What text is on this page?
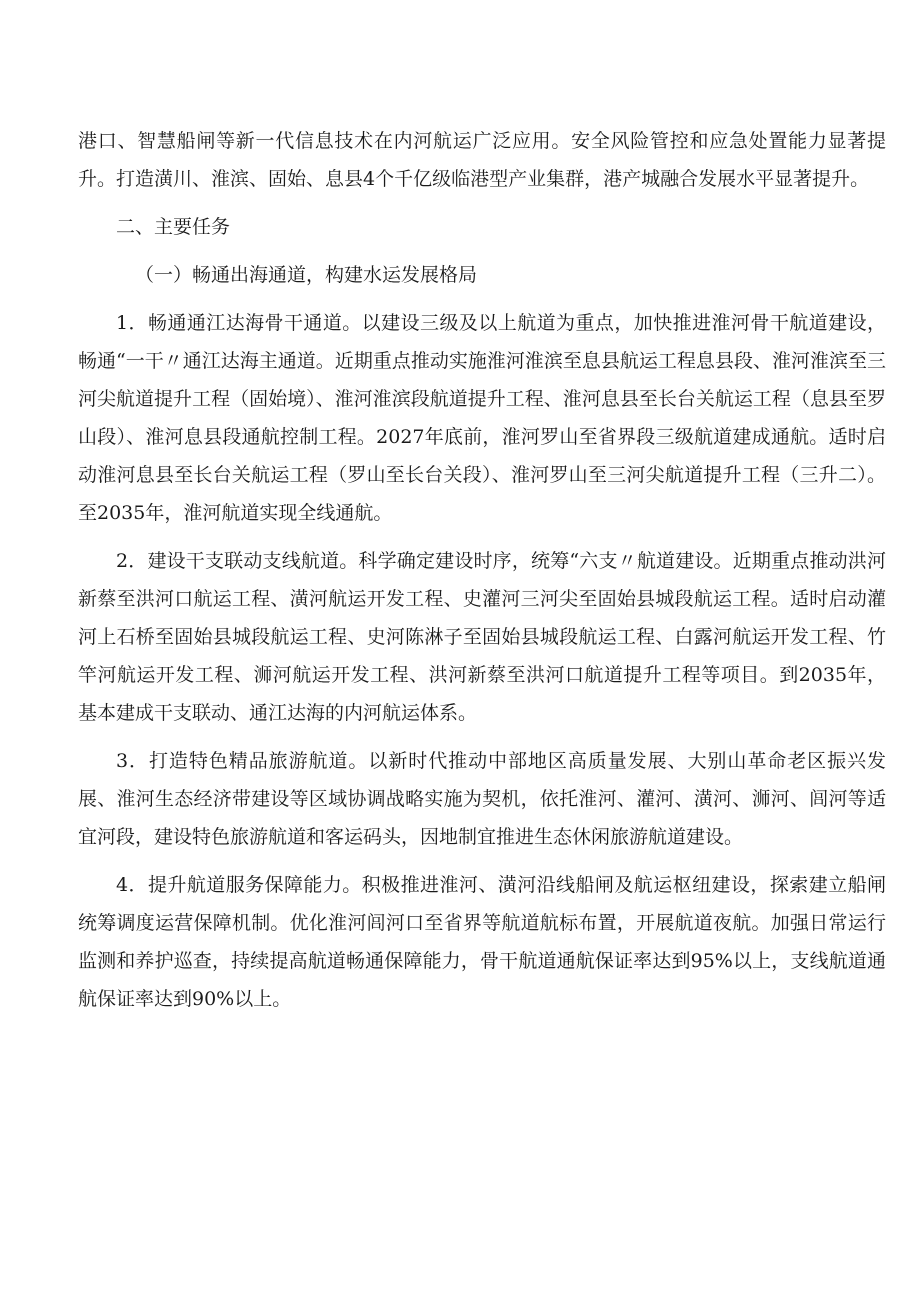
港口、智慧船闸等新一代信息技术在内河航运广泛应用。安全风险管控和应急处置能力显著提升。打造潢川、淮滨、固始、息县4个千亿级临港型产业集群，港产城融合发展水平显著提升。

二、主要任务

（一）畅通出海通道，构建水运发展格局

1．畅通通江达海骨干通道。以建设三级及以上航道为重点，加快推进淮河骨干航道建设，畅通“一干〃通江达海主通道。近期重点推动实施淮河淮滨至息县航运工程息县段、淮河淮滨至三河尖航道提升工程（固始境）、淮河淮滨段航道提升工程、淮河息县至长台关航运工程（息县至罗山段）、淮河息县段通航控制工程。2027年底前，淮河罗山至省界段三级航道建成通航。适时启动淮河息县至长台关航运工程（罗山至长台关段）、淮河罗山至三河尖航道提升工程（三升二）。至2035年，淮河航道实现全线通航。

2．建设干支联动支线航道。科学确定建设时序，统筹“六支〃航道建设。近期重点推动洪河新蔡至洪河口航运工程、潢河航运开发工程、史灌河三河尖至固始县城段航运工程。适时启动灌河上石桥至固始县城段航运工程、史河陈淋子至固始县城段航运工程、白露河航运开发工程、竹竿河航运开发工程、浉河航运开发工程、洪河新蔡至洪河口航道提升工程等项目。到2035年，基本建成干支联动、通江达海的内河航运体系。

3．打造特色精品旅游航道。以新时代推动中部地区高质量发展、大别山革命老区振兴发展、淮河生态经济带建设等区域协调战略实施为契机，依托淮河、灌河、潢河、浉河、闾河等适宜河段，建设特色旅游航道和客运码头，因地制宜推进生态休闲旅游航道建设。

4．提升航道服务保障能力。积极推进淮河、潢河沿线船闸及航运枢纽建设，探索建立船闸统筹调度运营保障机制。优化淮河闾河口至省界等航道航标布置，开展航道夜航。加强日常运行监测和养护巡查，持续提高航道畅通保障能力，骨干航道通航保证率达到95%以上，支线航道通航保证率达到90%以上。
